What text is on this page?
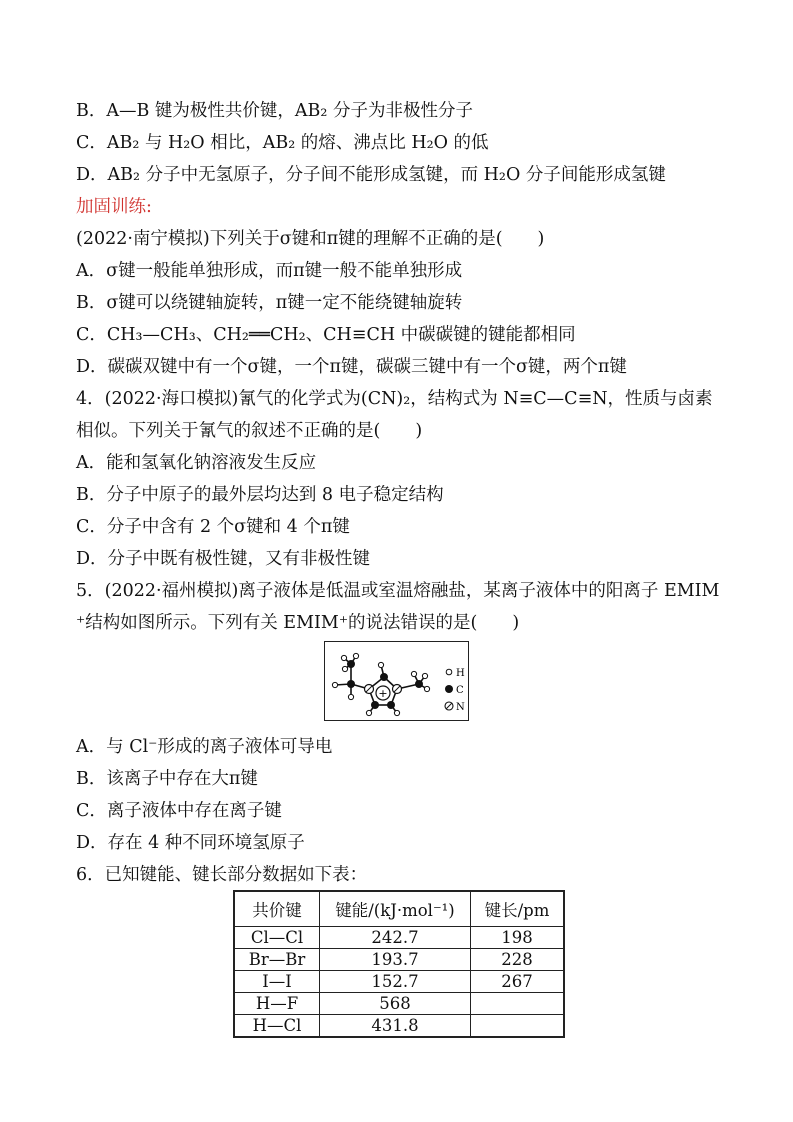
B．A—B 键为极性共价键，AB₂ 分子为非极性分子
C．AB₂ 与 H₂O 相比，AB₂ 的熔、沸点比 H₂O 的低
D．AB₂ 分子中无氢原子，分子间不能形成氢键，而 H₂O 分子间能形成氢键
加固训练:
(2022·南宁模拟)下列关于σ键和π键的理解不正确的是(　　)
A．σ键一般能单独形成，而π键一般不能单独形成
B．σ键可以绕键轴旋转，π键一定不能绕键轴旋转
C．CH₃—CH₃、CH₂══CH₂、CH≡CH 中碳碳键的键能都相同
D．碳碳双键中有一个σ键，一个π键，碳碳三键中有一个σ键，两个π键
4．(2022·海口模拟)氰气的化学式为(CN)₂，结构式为 N≡C—C≡N，性质与卤素
相似。下列关于氰气的叙述不正确的是(　　)
A．能和氢氧化钠溶液发生反应
B．分子中原子的最外层均达到 8 电子稳定结构
C．分子中含有 2 个σ键和 4 个π键
D．分子中既有极性键，又有非极性键
5．(2022·福州模拟)离子液体是低温或室温熔融盐，某离子液体中的阳离子 EMIM
⁺结构如图所示。下列有关 EMIM⁺的说法错误的是(　　)
A．与 Cl⁻形成的离子液体可导电
B．该离子中存在大π键
C．离子液体中存在离子键
D．存在 4 种不同环境氢原子
6．已知键能、键长部分数据如下表：
+
H
C
N
共价键	键能/(kJ·mol⁻¹)	键长/pm
Cl—Cl	242.7	198
Br—Br	193.7	228
I—I	152.7	267
H—F	568	
H—Cl	431.8	
